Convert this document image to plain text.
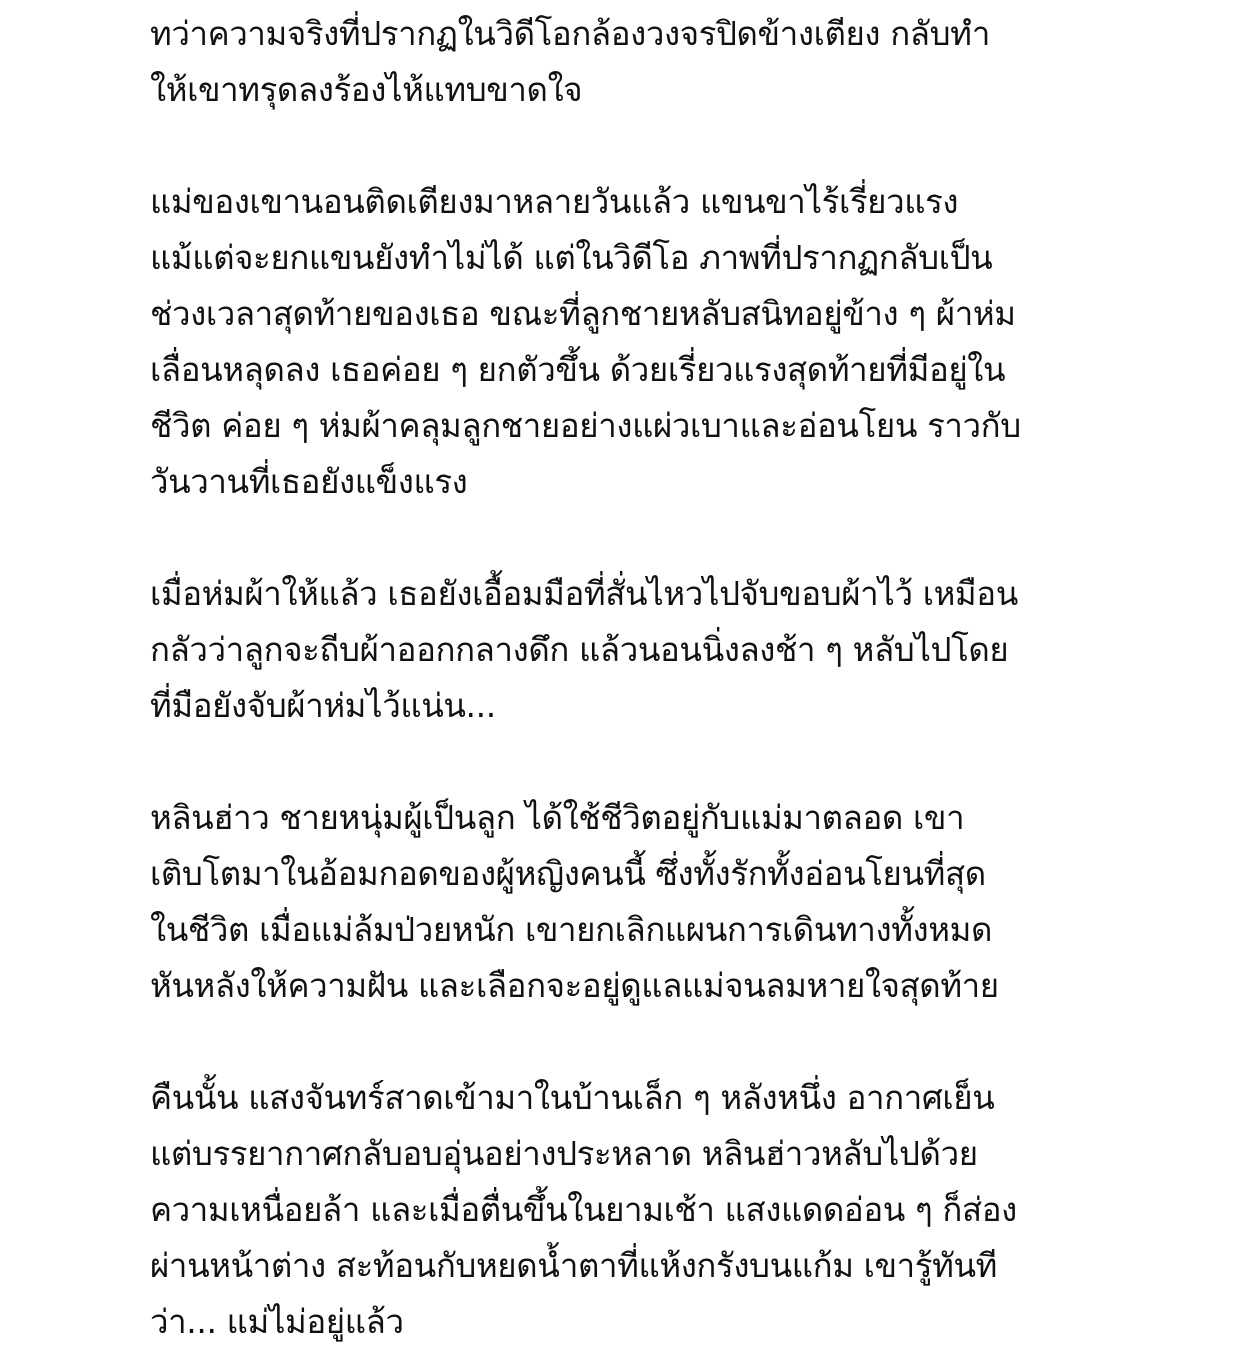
ทว่าความจริงที่ปรากฏในวิดีโอกล้องวงจรปิดข้างเตียง กลับทำ
ให้เขาทรุดลงร้องไห้แทบขาดใจ
แม่ของเขานอนติดเตียงมาหลายวันแล้ว แขนขาไร้เรี่ยวแรง
แม้แต่จะยกแขนยังทำไม่ได้ แต่ในวิดีโอ ภาพที่ปรากฏกลับเป็น
ช่วงเวลาสุดท้ายของเธอ ขณะที่ลูกชายหลับสนิทอยู่ข้าง ๆ ผ้าห่ม
เลื่อนหลุดลง เธอค่อย ๆ ยกตัวขึ้น ด้วยเรี่ยวแรงสุดท้ายที่มีอยู่ใน
ชีวิต ค่อย ๆ ห่มผ้าคลุมลูกชายอย่างแผ่วเบาและอ่อนโยน ราวกับ
วันวานที่เธอยังแข็งแรง
เมื่อห่มผ้าให้แล้ว เธอยังเอื้อมมือที่สั่นไหวไปจับขอบผ้าไว้ เหมือน
กลัวว่าลูกจะถีบผ้าออกกลางดึก แล้วนอนนิ่งลงช้า ๆ หลับไปโดย
ที่มือยังจับผ้าห่มไว้แน่น...
หลินฮ่าว ชายหนุ่มผู้เป็นลูก ได้ใช้ชีวิตอยู่กับแม่มาตลอด เขา
เติบโตมาในอ้อมกอดของผู้หญิงคนนี้ ซึ่งทั้งรักทั้งอ่อนโยนที่สุด
ในชีวิต เมื่อแม่ล้มป่วยหนัก เขายกเลิกแผนการเดินทางทั้งหมด
หันหลังให้ความฝัน และเลือกจะอยู่ดูแลแม่จนลมหายใจสุดท้าย
คืนนั้น แสงจันทร์สาดเข้ามาในบ้านเล็ก ๆ หลังหนึ่ง อากาศเย็น
แต่บรรยากาศกลับอบอุ่นอย่างประหลาด หลินฮ่าวหลับไปด้วย
ความเหนื่อยล้า และเมื่อตื่นขึ้นในยามเช้า แสงแดดอ่อน ๆ ก็ส่อง
ผ่านหน้าต่าง สะท้อนกับหยดน้ำตาที่แห้งกรังบนแก้ม เขารู้ทันที
ว่า... แม่ไม่อยู่แล้ว
